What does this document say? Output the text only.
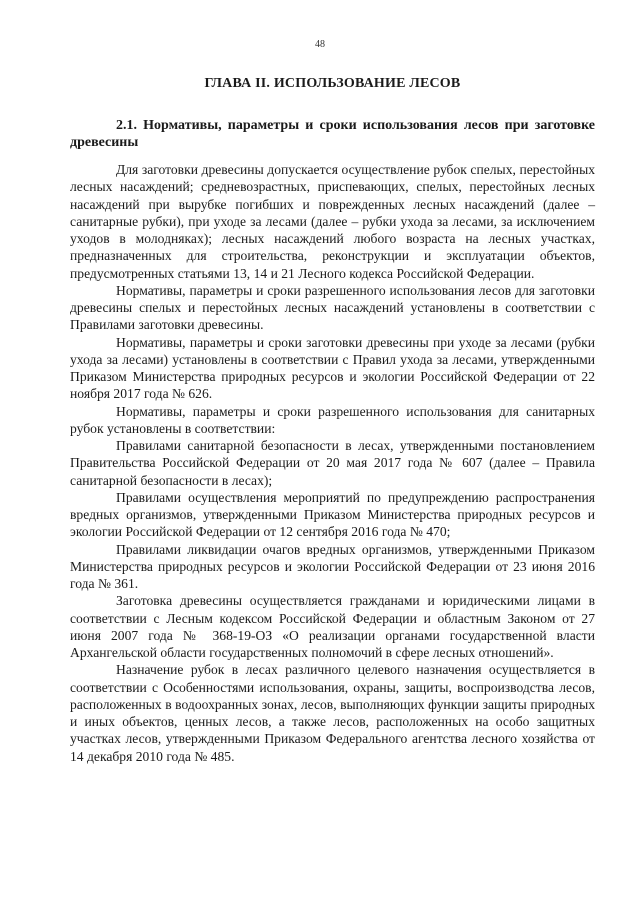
48
ГЛАВА II. ИСПОЛЬЗОВАНИЕ ЛЕСОВ
2.1. Нормативы, параметры и сроки использования лесов при заготовке древесины

Для заготовки древесины допускается осуществление рубок спелых, перестойных лесных насаждений; средневозрастных, приспевающих, спелых, перестойных лесных насаждений при вырубке погибших и поврежденных лесных насаждений (далее – санитарные рубки), при уходе за лесами (далее – рубки ухода за лесами, за исключением уходов в молодняках); лесных насаждений любого возраста на лесных участках, предназначенных для строительства, реконструкции и эксплуатации объектов, предусмотренных статьями 13, 14 и 21 Лесного кодекса Российской Федерации.

Нормативы, параметры и сроки разрешенного использования лесов для заготовки древесины спелых и перестойных лесных насаждений установлены в соответствии с Правилами заготовки древесины.

Нормативы, параметры и сроки заготовки древесины при уходе за лесами (рубки ухода за лесами) установлены в соответствии с Правил ухода за лесами, утвержденными Приказом Министерства природных ресурсов и экологии Российской Федерации от 22 ноября 2017 года № 626.

Нормативы, параметры и сроки разрешенного использования для санитарных рубок установлены в соответствии:

Правилами санитарной безопасности в лесах, утвержденными постановлением Правительства Российской Федерации от 20 мая 2017 года № 607 (далее – Правила санитарной безопасности в лесах);

Правилами осуществления мероприятий по предупреждению распространения вредных организмов, утвержденными Приказом Министерства природных ресурсов и экологии Российской Федерации от 12 сентября 2016 года № 470;

Правилами ликвидации очагов вредных организмов, утвержденными Приказом Министерства природных ресурсов и экологии Российской Федерации от 23 июня 2016 года № 361.

Заготовка древесины осуществляется гражданами и юридическими лицами в соответствии с Лесным кодексом Российской Федерации и областным Законом от 27 июня 2007 года № 368-19-ОЗ «О реализации органами государственной власти Архангельской области государственных полномочий в сфере лесных отношений».

Назначение рубок в лесах различного целевого назначения осуществляется в соответствии с Особенностями использования, охраны, защиты, воспроизводства лесов, расположенных в водоохранных зонах, лесов, выполняющих функции защиты природных и иных объектов, ценных лесов, а также лесов, расположенных на особо защитных участках лесов, утвержденными Приказом Федерального агентства лесного хозяйства от 14 декабря 2010 года № 485.
